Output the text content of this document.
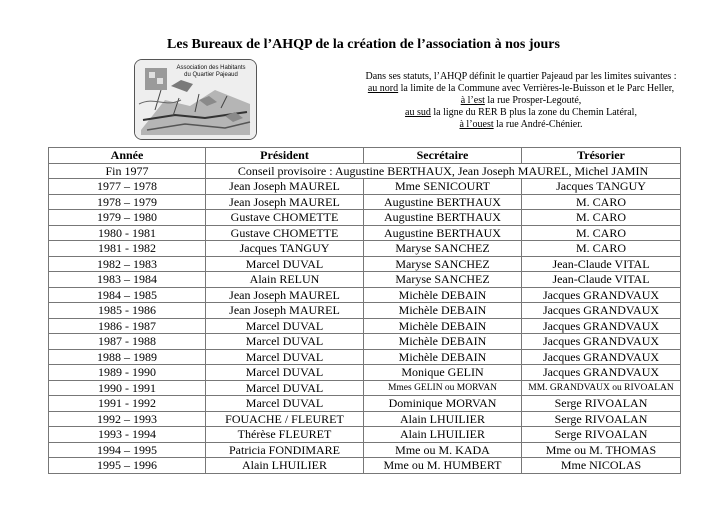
Les Bureaux de l’AHQP de la création de l’association à nos jours
Association des Habitants
du Quartier Pajeaud	Dans ses statuts, l’AHQP définit le quartier Pajeaud par les limites suivantes :
au nord la limite de la Commune avec Verrières-le-Buisson et le Parc Heller,
à l’est la rue Prosper-Legouté,
au sud la ligne du RER B plus la zone du Chemin Latéral,
à l’ouest la rue André-Chénier.
Année	Président	Secrétaire	Trésorier
Fin 1977	Conseil provisoire : Augustine BERTHAUX, Jean Joseph MAUREL, Michel JAMIN		
1977 – 1978	Jean Joseph MAUREL	Mme SENICOURT	Jacques TANGUY
1978 – 1979	Jean Joseph MAUREL	Augustine BERTHAUX	M. CARO
1979 – 1980	Gustave CHOMETTE	Augustine BERTHAUX	M. CARO
1980 - 1981	Gustave CHOMETTE	Augustine BERTHAUX	M. CARO
1981 - 1982	Jacques TANGUY	Maryse SANCHEZ	M. CARO
1982 – 1983	Marcel DUVAL	Maryse SANCHEZ	Jean-Claude VITAL
1983 – 1984	Alain RELUN	Maryse SANCHEZ	Jean-Claude VITAL
1984 – 1985	Jean Joseph MAUREL	Michèle DEBAIN	Jacques GRANDVAUX
1985 - 1986	Jean Joseph MAUREL	Michèle DEBAIN	Jacques GRANDVAUX
1986 - 1987	Marcel DUVAL	Michèle DEBAIN	Jacques GRANDVAUX
1987 - 1988	Marcel DUVAL	Michèle DEBAIN	Jacques GRANDVAUX
1988 – 1989	Marcel DUVAL	Michèle DEBAIN	Jacques GRANDVAUX
1989 - 1990	Marcel DUVAL	Monique GELIN	Jacques GRANDVAUX
1990 - 1991	Marcel DUVAL	Mmes GELIN ou MORVAN	MM. GRANDVAUX ou RIVOALAN
1991 - 1992	Marcel DUVAL	Dominique MORVAN	Serge RIVOALAN
1992 – 1993	FOUACHE / FLEURET	Alain LHUILIER	Serge RIVOALAN
1993 - 1994	Thérèse FLEURET	Alain LHUILIER	Serge RIVOALAN
1994 – 1995	Patricia FONDIMARE	Mme ou M. KADA	Mme ou M. THOMAS
1995 – 1996	Alain LHUILIER	Mme ou M. HUMBERT	Mme NICOLAS
